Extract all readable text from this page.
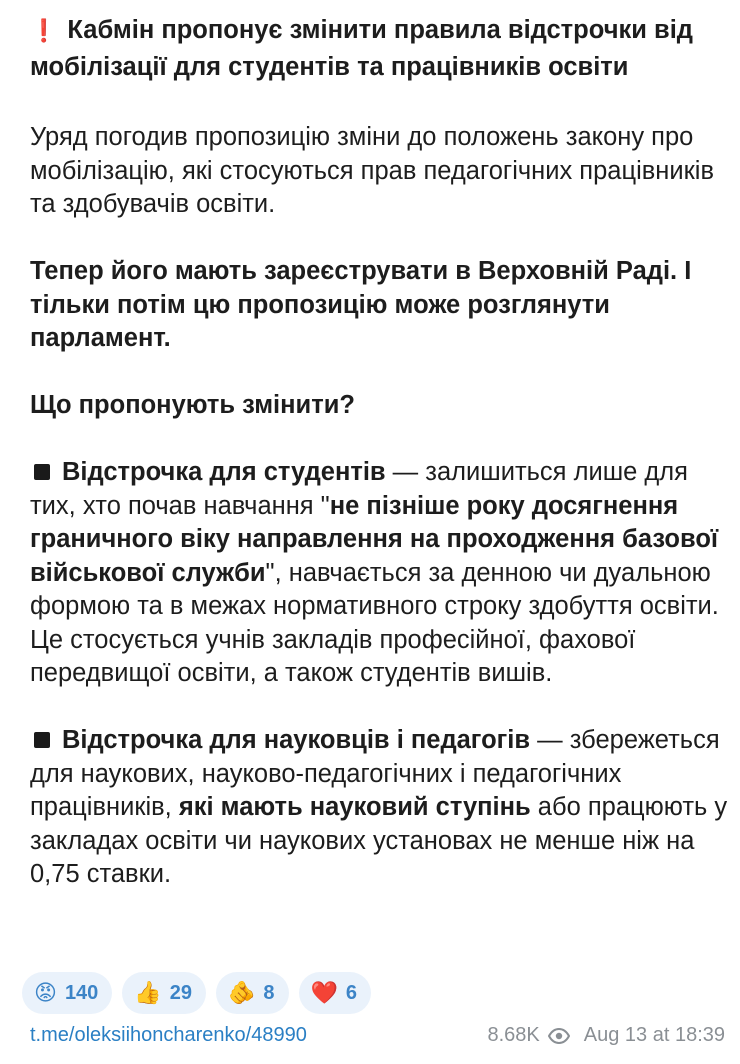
❗ Кабмін пропонує змінити правила відстрочки від мобілізації для студентів та працівників освіти

Уряд погодив пропозицію зміни до положень закону про мобілізацію, які стосуються прав педагогічних працівників та здобувачів освіти.

Тепер його мають зареєструвати в Верховній Раді. І тільки потім цю пропозицію може розглянути парламент.

Що пропонують змінити?

Відстрочка для студентів — залишиться лише для тих, хто почав навчання "не пізніше року досягнення граничного віку направлення на проходження базової військової служби", навчається за денною чи дуальною формою та в межах нормативного строку здобуття освіти. Це стосується учнів закладів професійної, фахової передвищої освіти, а також студентів вишів.

Відстрочка для науковців і педагогів — збережеться для наукових, науково-педагогічних і педагогічних працівників, які мають науковий ступінь або працюють у закладах освіти чи наукових установах не менше ніж на 0,75 ставки.

😡 140 👍 29 🫵 8 ❤️ 6
t.me/oleksiihoncharenko/48990	8.68K Aug 13 at 18:39
